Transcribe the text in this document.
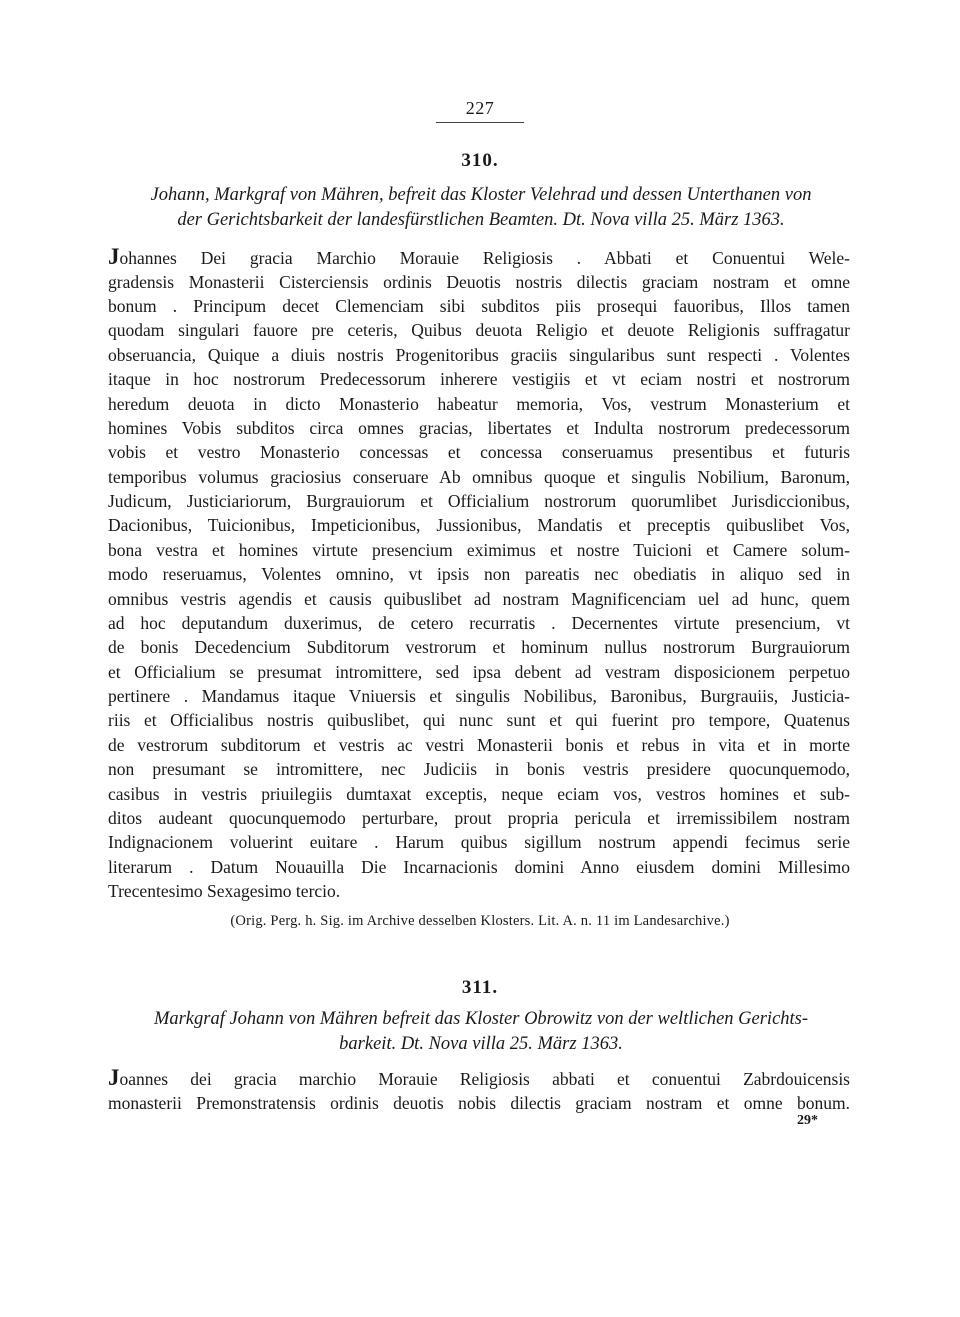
227
310.

Johann, Markgraf von Mähren, befreit das Kloster Velehrad und dessen Unterthanen von
der Gerichtsbarkeit der landesfürstlichen Beamten. Dt. Nova villa 25. März 1363.

Johannes Dei gracia Marchio Morauie Religiosis . Abbati et Conuentui Wele-
gradensis Monasterii Cisterciensis ordinis Deuotis nostris dilectis graciam nostram et omne
bonum . Principum decet Clemenciam sibi subditos piis prosequi fauoribus, Illos tamen
quodam singulari fauore pre ceteris, Quibus deuota Religio et deuote Religionis suffragatur
obseruancia, Quique a diuis nostris Progenitoribus graciis singularibus sunt respecti . Volentes
itaque in hoc nostrorum Predecessorum inherere vestigiis et vt eciam nostri et nostrorum
heredum deuota in dicto Monasterio habeatur memoria, Vos, vestrum Monasterium et
homines Vobis subditos circa omnes gracias, libertates et Indulta nostrorum predecessorum
vobis et vestro Monasterio concessas et concessa conseruamus presentibus et futuris
temporibus volumus graciosius conseruare Ab omnibus quoque et singulis Nobilium, Baronum,
Judicum, Justiciariorum, Burgrauiorum et Officialium nostrorum quorumlibet Jurisdiccionibus,
Dacionibus, Tuicionibus, Impeticionibus, Jussionibus, Mandatis et preceptis quibuslibet Vos,
bona vestra et homines virtute presencium eximimus et nostre Tuicioni et Camere solum-
modo reseruamus, Volentes omnino, vt ipsis non pareatis nec obediatis in aliquo sed in
omnibus vestris agendis et causis quibuslibet ad nostram Magnificenciam uel ad hunc, quem
ad hoc deputandum duxerimus, de cetero recurratis . Decernentes virtute presencium, vt
de bonis Decedencium Subditorum vestrorum et hominum nullus nostrorum Burgrauiorum
et Officialium se presumat intromittere, sed ipsa debent ad vestram disposicionem perpetuo
pertinere . Mandamus itaque Vniuersis et singulis Nobilibus, Baronibus, Burgrauiis, Justicia-
riis et Officialibus nostris quibuslibet, qui nunc sunt et qui fuerint pro tempore, Quatenus
de vestrorum subditorum et vestris ac vestri Monasterii bonis et rebus in vita et in morte
non presumant se intromittere, nec Judiciis in bonis vestris presidere quocunquemodo,
casibus in vestris priuilegiis dumtaxat exceptis, neque eciam vos, vestros homines et sub-
ditos audeant quocunquemodo perturbare, prout propria pericula et irremissibilem nostram
Indignacionem voluerint euitare . Harum quibus sigillum nostrum appendi fecimus serie
literarum . Datum Nouauilla Die Incarnacionis domini Anno eiusdem domini Millesimo
Trecentesimo Sexagesimo tercio.
(Orig. Perg. h. Sig. im Archive desselben Klosters. Lit. A. n. 11 im Landesarchive.)
311.

Markgraf Johann von Mähren befreit das Kloster Obrowitz von der weltlichen Gerichts-
barkeit. Dt. Nova villa 25. März 1363.

Joannes dei gracia marchio Morauie Religiosis abbati et conuentui Zabrdouicensis
monasterii Premonstratensis ordinis deuotis nobis dilectis graciam nostram et omne bonum.
29*
